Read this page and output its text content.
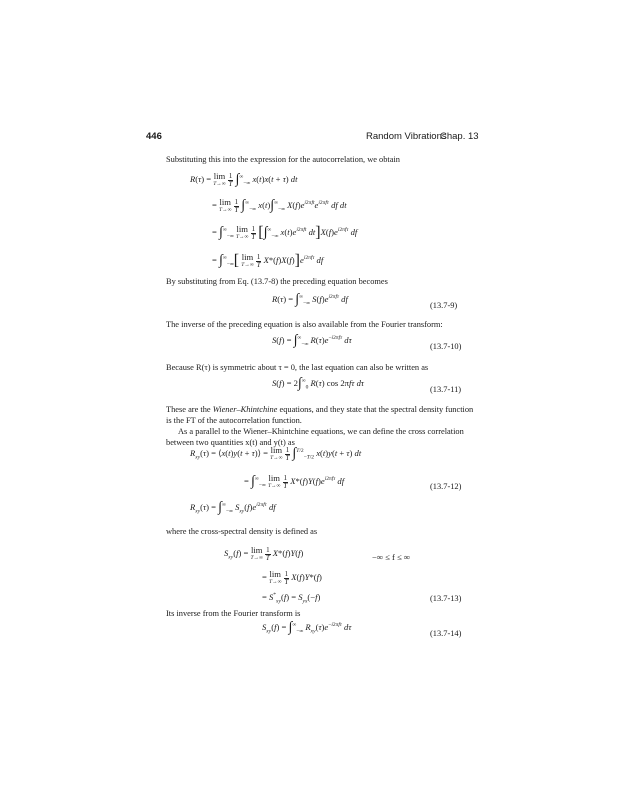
446	Random Vibrations
Chap. 13
Substituting this into the expression for the autocorrelation, we obtain
R(τ) = lim
T→∞
$\frac{1}{T} \int^\infty_{-\infty}$ x(t)x(t + τ) dt
= lim
T→∞
$\frac{1}{T} \int^\infty_{-\infty}$ $x(t)\int^\infty_{-\infty}$ $X(f)e^{i2\pi ft}e^{i2\pi f\tau}$ df dt
= $\int^\infty_{-\infty}$ lim
T→∞
$\frac{1}{T} [\int^\infty_{-\infty}$ $x(t)e^{i2\pi ft}$ $dt]X(f)e^{i2\pi f\tau}$ df
= $\int^\infty_{-\infty}$[ lim
T→∞
$\frac{1}{T} X*(f)X(f)]e^{i2\pi f\tau}$ df
By substituting from Eq. (13.7-8) the preceding equation becomes
$R(\tau) = \int^\infty_{-\infty}$ $S(f)e^{i2\pi f\tau}$ df
(13.7-9)
The inverse of the preceding equation is also available from the Fourier transform:
$S(f) = \int^\infty_{-\infty}$ $R(\tau)e^{-i2\pi f\tau}$ dτ
(13.7-10)
Because R(τ) is symmetric about τ = 0, the last equation can also be written as
$S(f) = 2\int^\infty_0$ R(τ) cos 2πfτ dτ
(13.7-11)
These are the Wiener–Khintchine equations, and they state that the spectral density function is the FT of the autocorrelation function.
As a parallel to the Wiener–Khintchine equations, we can define the cross correlation between two quantities x(t) and y(t) as
$R_{xy}(\tau)$ = ⟨x(t)y(t + τ)⟩ = lim
T→∞
$\frac{1}{T} \int^{T/2}_{-T/2}$ x(t)y(t + τ) dt
= $\int^\infty_{-\infty}$ lim
T→∞
$\frac{1}{T} X*(f)Y(f)e^{i2\pi f\tau}$ df
(13.7-12)
$R_{xy}(\tau) = \int^\infty_{-\infty}$ $S_{xy}(f)e^{i2\pi f\tau}$ df
where the cross-spectral density is defined as
$S_{xy}(f) = \lim$
T→∞
$\frac{1}{T} X*(f)Y(f)$	−∞ ≤ f ≤ ∞
= lim
T→∞
$\frac{1}{T} X(f)Y*(f)$
= $S^*_{xy}(f) = S_{yx}(-f)$	(13.7-13)
Its inverse from the Fourier transform is
$S_{xy}(f) = \int^\infty_{-\infty}$ $R_{xy}(\tau)e^{-i2\pi f\tau}$ dτ
(13.7-14)
